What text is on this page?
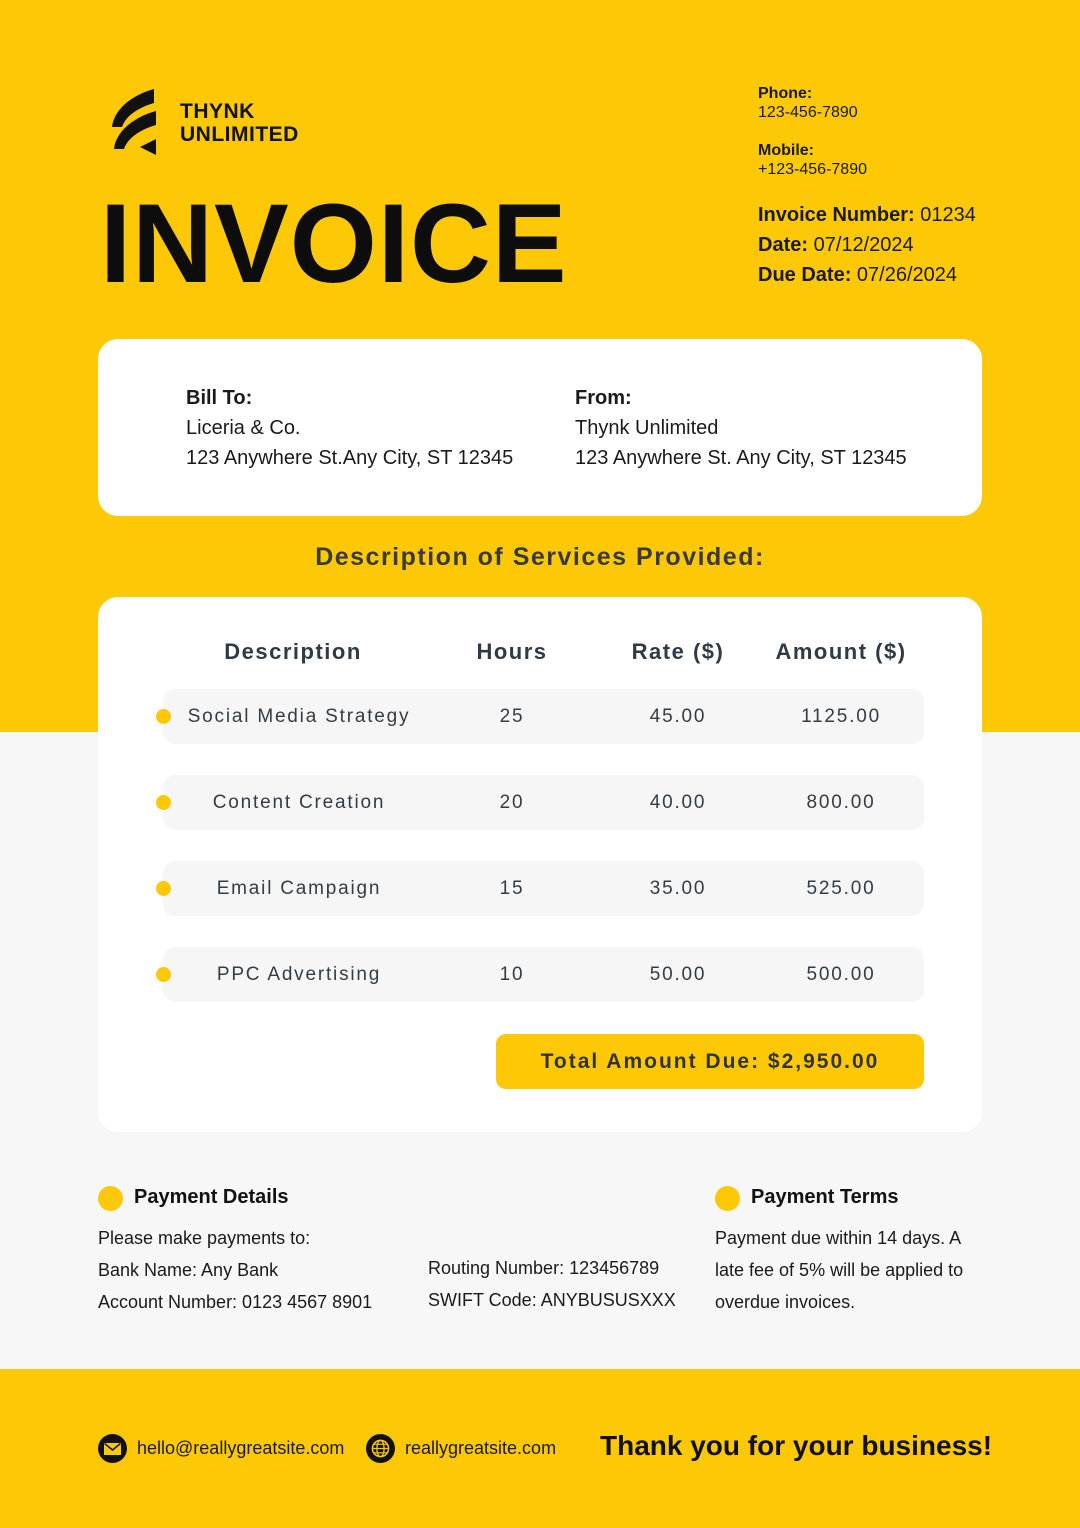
THYNK
UNLIMITED
INVOICE
Phone:
123-456-7890
Mobile:
+123-456-7890
Invoice Number: 01234
Date: 07/12/2024
Due Date: 07/26/2024
Bill To:
Liceria & Co.
123 Anywhere St.Any City, ST 12345
From:
Thynk Unlimited
123 Anywhere St. Any City, ST 12345
Description of Services Provided:
Description	Hours	Rate ($)	Amount ($)
Social Media Strategy	25	45.00	1125.00
Content Creation	20	40.00	800.00
Email Campaign	15	35.00	525.00
PPC Advertising	10	50.00	500.00
Total Amount Due: $2,950.00
Payment Details
Please make payments to:
Bank Name: Any Bank
Account Number: 0123 4567 8901
Routing Number: 123456789
SWIFT Code: ANYBUSUSXXX
Payment Terms
Payment due within 14 days. A
late fee of 5% will be applied to
overdue invoices.
hello@reallygreatsite.com	reallygreatsite.com Thank you for your business!
